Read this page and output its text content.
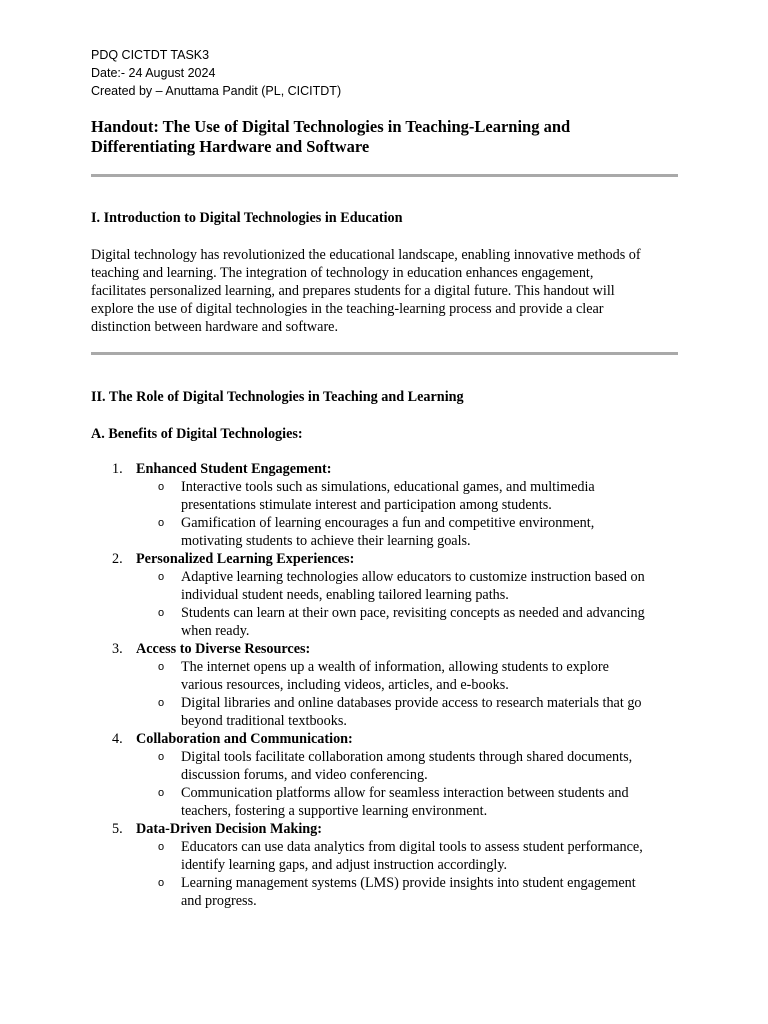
PDQ CICTDT TASK3
Date:- 24 August 2024
Created by – Anuttama Pandit (PL, CICITDT)
Handout: The Use of Digital Technologies in Teaching-Learning and
Differentiating Hardware and Software
I. Introduction to Digital Technologies in Education

Digital technology has revolutionized the educational landscape, enabling innovative methods of
teaching and learning. The integration of technology in education enhances engagement,
facilitates personalized learning, and prepares students for a digital future. This handout will
explore the use of digital technologies in the teaching-learning process and provide a clear
distinction between hardware and software.

II. The Role of Digital Technologies in Teaching and Learning
A. Benefits of Digital Technologies:
1. Enhanced Student Engagement:
o Interactive tools such as simulations, educational games, and multimedia
presentations stimulate interest and participation among students.
o Gamification of learning encourages a fun and competitive environment,
motivating students to achieve their learning goals.
2. Personalized Learning Experiences:
o Adaptive learning technologies allow educators to customize instruction based on
individual student needs, enabling tailored learning paths.
o Students can learn at their own pace, revisiting concepts as needed and advancing
when ready.
3. Access to Diverse Resources:
o The internet opens up a wealth of information, allowing students to explore
various resources, including videos, articles, and e-books.
o Digital libraries and online databases provide access to research materials that go
beyond traditional textbooks.
4. Collaboration and Communication:
o Digital tools facilitate collaboration among students through shared documents,
discussion forums, and video conferencing.
o Communication platforms allow for seamless interaction between students and
teachers, fostering a supportive learning environment.
5. Data-Driven Decision Making:
o Educators can use data analytics from digital tools to assess student performance,
identify learning gaps, and adjust instruction accordingly.
o Learning management systems (LMS) provide insights into student engagement
and progress.
